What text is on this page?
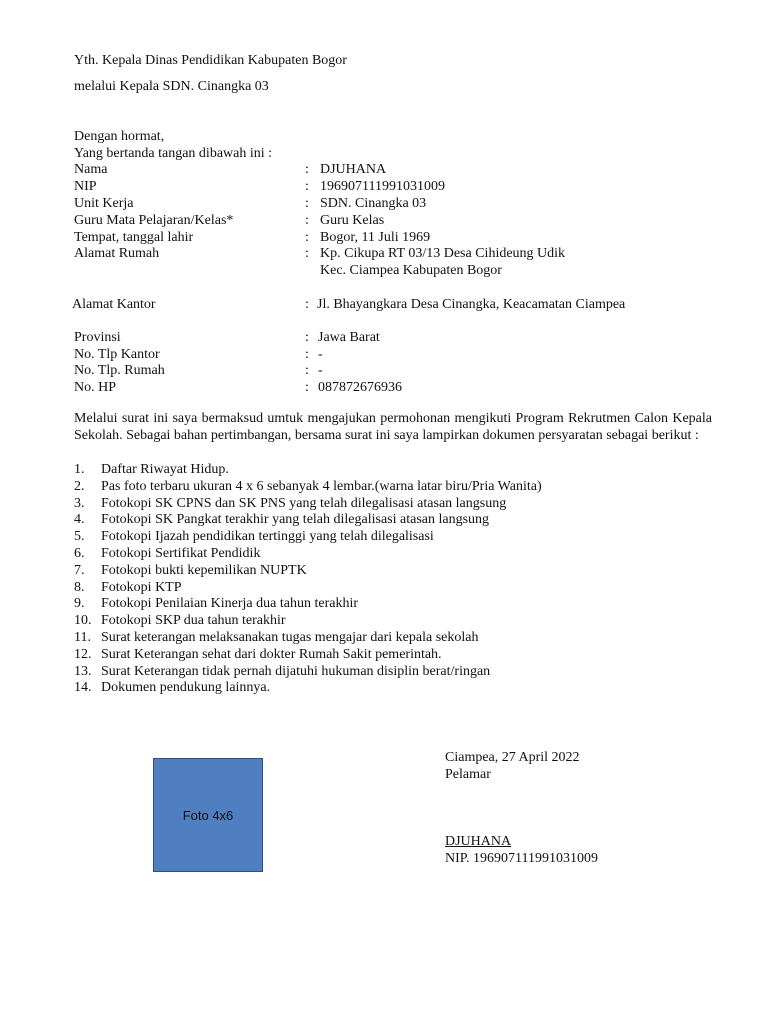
Yth. Kepala Dinas Pendidikan Kabupaten Bogor
melalui Kepala SDN. Cinangka 03
Dengan hormat,
Yang bertanda tangan dibawah ini :
Nama	: DJUHANA
NIP	: 196907111991031009
Unit Kerja	: SDN. Cinangka 03
Guru Mata Pelajaran/Kelas*	: Guru Kelas
Tempat, tanggal lahir	: Bogor, 11 Juli 1969
Alamat Rumah	: Kp. Cikupa RT 03/13 Desa Cihideung Udik
Kec. Ciampea Kabupaten Bogor
Alamat Kantor	: Jl. Bhayangkara Desa Cinangka, Keacamatan Ciampea
Provinsi	: Jawa Barat
No. Tlp Kantor	: -
No. Tlp. Rumah	: -
No. HP	: 087872676936
Melalui surat ini saya bermaksud umtuk mengajukan permohonan mengikuti Program Rekrutmen Calon Kepala Sekolah. Sebagai bahan pertimbangan, bersama surat ini saya lampirkan dokumen persyaratan sebagai berikut :
1. Daftar Riwayat Hidup.
2. Pas foto terbaru ukuran 4 x 6 sebanyak 4 lembar.(warna latar biru/Pria Wanita)
3. Fotokopi SK CPNS dan SK PNS yang telah dilegalisasi atasan langsung
4. Fotokopi SK Pangkat terakhir yang telah dilegalisasi atasan langsung
5. Fotokopi Ijazah pendidikan tertinggi yang telah dilegalisasi
6. Fotokopi Sertifikat Pendidik
7. Fotokopi bukti kepemilikan NUPTK
8. Fotokopi KTP
9. Fotokopi Penilaian Kinerja dua tahun terakhir
10. Fotokopi SKP dua tahun terakhir
11. Surat keterangan melaksanakan tugas mengajar dari kepala sekolah
12. Surat Keterangan sehat dari dokter Rumah Sakit pemerintah.
13. Surat Keterangan tidak pernah dijatuhi hukuman disiplin berat/ringan
14. Dokumen pendukung lainnya.
Foto 4x6
Ciampea, 27 April 2022
Pelamar
DJUHANA
NIP. 196907111991031009
